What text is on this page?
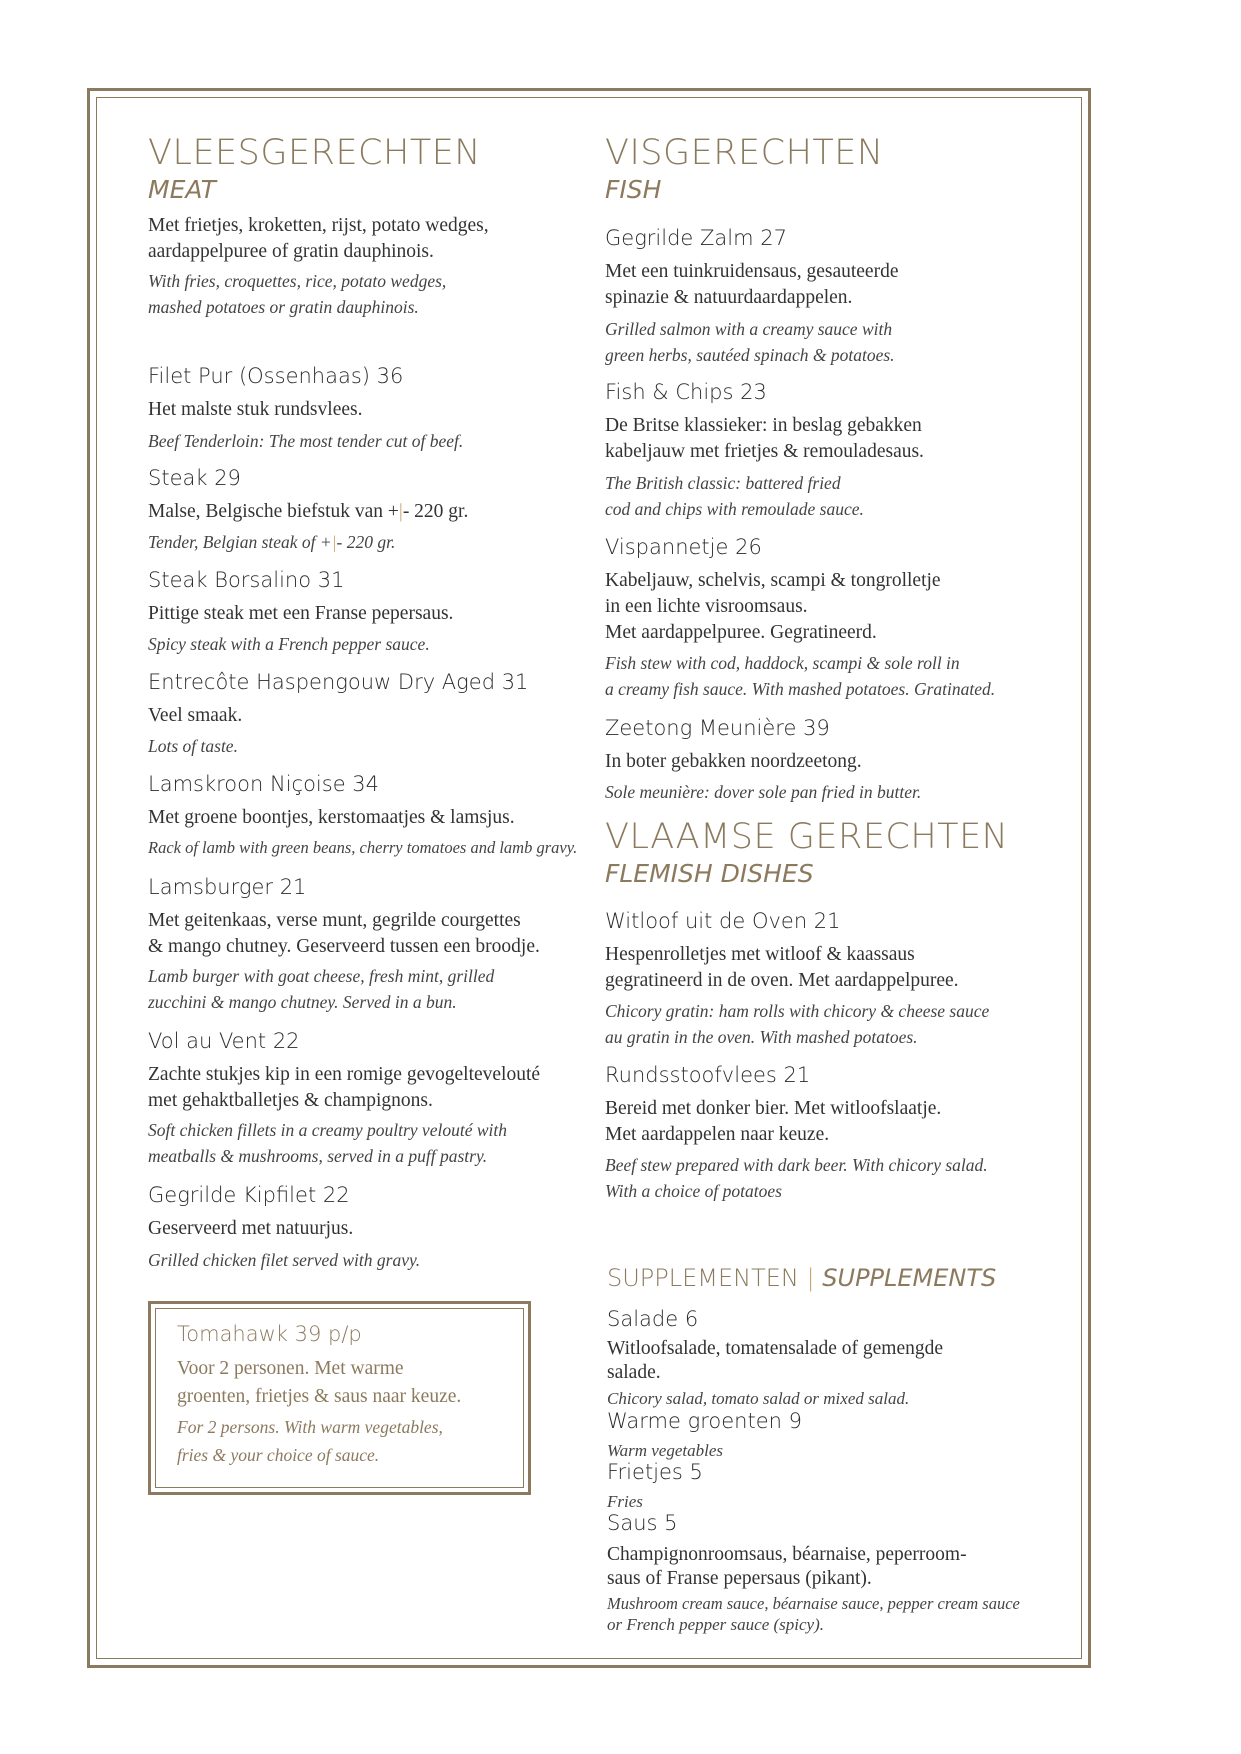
VLEESGERECHTEN
MEAT
Met frietjes, kroketten, rijst, potato wedges,
aardappelpuree of gratin dauphinois.
With fries, croquettes, rice, potato wedges,
mashed potatoes or gratin dauphinois.
Filet Pur (Ossenhaas) 36
Het malste stuk rundsvlees.
Beef Tenderloin: The most tender cut of beef.
Steak 29
Malse, Belgische biefstuk van +|- 220 gr.
Tender, Belgian steak of +|- 220 gr.
Steak Borsalino 31
Pittige steak met een Franse pepersaus.
Spicy steak with a French pepper sauce.
Entrecôte Haspengouw Dry Aged 31
Veel smaak.
Lots of taste.
Lamskroon Niçoise 34
Met groene boontjes, kerstomaatjes & lamsjus.
Rack of lamb with green beans, cherry tomatoes and lamb gravy.
Lamsburger 21
Met geitenkaas, verse munt, gegrilde courgettes
& mango chutney. Geserveerd tussen een broodje.
Lamb burger with goat cheese, fresh mint, grilled
zucchini & mango chutney. Served in a bun.
Vol au Vent 22
Zachte stukjes kip in een romige gevogeltevelouté
met gehaktballetjes & champignons.
Soft chicken fillets in a creamy poultry velouté with
meatballs & mushrooms, served in a puff pastry.
Gegrilde Kipfilet 22
Geserveerd met natuurjus.
Grilled chicken filet served with gravy.
Tomahawk 39 p/p
Voor 2 personen. Met warme
groenten, frietjes & saus naar keuze.
For 2 persons. With warm vegetables,
fries & your choice of sauce.
VISGERECHTEN
FISH
Gegrilde Zalm 27
Met een tuinkruidensaus, gesauteerde
spinazie & natuurdaardappelen.
Grilled salmon with a creamy sauce with
green herbs, sautéed spinach & potatoes.
Fish & Chips 23
De Britse klassieker: in beslag gebakken
kabeljauw met frietjes & remouladesaus.
The British classic: battered fried
cod and chips with remoulade sauce.
Vispannetje 26
Kabeljauw, schelvis, scampi & tongrolletje
in een lichte visroomsaus.
Met aardappelpuree. Gegratineerd.
Fish stew with cod, haddock, scampi & sole roll in
a creamy fish sauce. With mashed potatoes. Gratinated.
Zeetong Meunière 39
In boter gebakken noordzeetong.
Sole meunière: dover sole pan fried in butter.
VLAAMSE GERECHTEN
FLEMISH DISHES
Witloof uit de Oven 21
Hespenrolletjes met witloof & kaassaus
gegratineerd in de oven. Met aardappelpuree.
Chicory gratin: ham rolls with chicory & cheese sauce
au gratin in the oven. With mashed potatoes.
Rundsstoofvlees 21
Bereid met donker bier. Met witloofslaatje.
Met aardappelen naar keuze.
Beef stew prepared with dark beer. With chicory salad.
With a choice of potatoes
SUPPLEMENTEN | SUPPLEMENTS
Salade 6
Witloofsalade, tomatensalade of gemengde
salade.
Chicory salad, tomato salad or mixed salad.
Warme groenten 9
Warm vegetables
Frietjes 5
Fries
Saus 5
Champignonroomsaus, béarnaise, peperroom-
saus of Franse pepersaus (pikant).
Mushroom cream sauce, béarnaise sauce, pepper cream sauce
or French pepper sauce (spicy).
